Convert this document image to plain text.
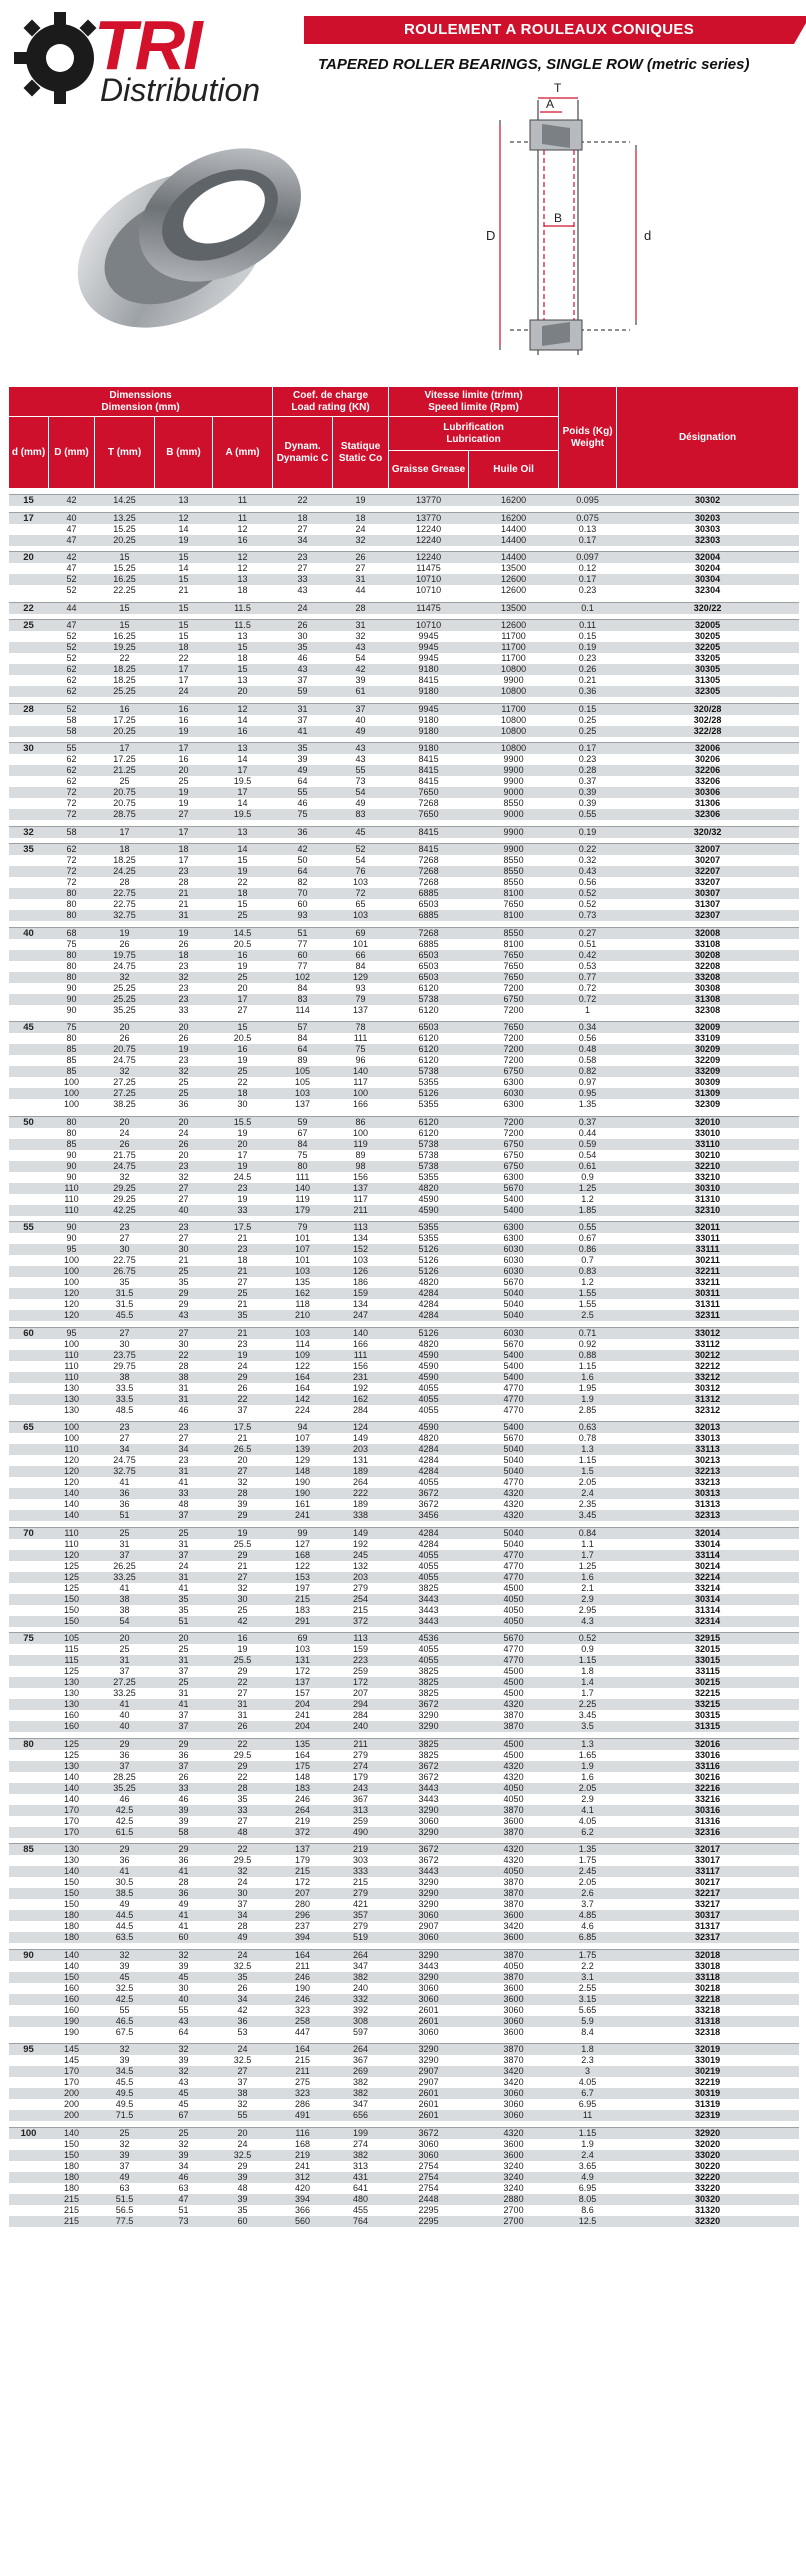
TRI
Distribution
ROULEMENT A ROULEAUX CONIQUES
TAPERED ROLLER BEARINGS, SINGLE ROW (metric series)
T
A
B
D	d
Dimenssions
Dimension (mm)					Coef. de charge
Load rating (KN)		Vitesse limite (tr/mn)
Speed limite (Rpm)		Poids (Kg) Weight	Désignation
d (mm)	D (mm)	T (mm)	B (mm)	A (mm)	Dynam.
Dynamic C	Statique
Static Co	Lubrification
Lubrication			
							Graisse Grease	Huile Oil		

15	42	14.25	13	11	22	19	13770	16200	0.095	30302

17	40	13.25	12	11	18	18	13770	16200	0.075	30203
	47	15.25	14	12	27	24	12240	14400	0.13	30303
	47	20.25	19	16	34	32	12240	14400	0.17	32303

20	42	15	15	12	23	26	12240	14400	0.097	32004
	47	15.25	14	12	27	27	11475	13500	0.12	30204
	52	16.25	15	13	33	31	10710	12600	0.17	30304
	52	22.25	21	18	43	44	10710	12600	0.23	32304

22	44	15	15	11.5	24	28	11475	13500	0.1	320/22

25	47	15	15	11.5	26	31	10710	12600	0.11	32005
	52	16.25	15	13	30	32	9945	11700	0.15	30205
	52	19.25	18	15	35	43	9945	11700	0.19	32205
	52	22	22	18	46	54	9945	11700	0.23	33205
	62	18.25	17	15	43	42	9180	10800	0.26	30305
	62	18.25	17	13	37	39	8415	9900	0.21	31305
	62	25.25	24	20	59	61	9180	10800	0.36	32305

28	52	16	16	12	31	37	9945	11700	0.15	320/28
	58	17.25	16	14	37	40	9180	10800	0.25	302/28
	58	20.25	19	16	41	49	9180	10800	0.25	322/28

30	55	17	17	13	35	43	9180	10800	0.17	32006
	62	17.25	16	14	39	43	8415	9900	0.23	30206
	62	21.25	20	17	49	55	8415	9900	0.28	32206
	62	25	25	19.5	64	73	8415	9900	0.37	33206
	72	20.75	19	17	55	54	7650	9000	0.39	30306
	72	20.75	19	14	46	49	7268	8550	0.39	31306
	72	28.75	27	19.5	75	83	7650	9000	0.55	32306

32	58	17	17	13	36	45	8415	9900	0.19	320/32

35	62	18	18	14	42	52	8415	9900	0.22	32007
	72	18.25	17	15	50	54	7268	8550	0.32	30207
	72	24.25	23	19	64	76	7268	8550	0.43	32207
	72	28	28	22	82	103	7268	8550	0.56	33207
	80	22.75	21	18	70	72	6885	8100	0.52	30307
	80	22.75	21	15	60	65	6503	7650	0.52	31307
	80	32.75	31	25	93	103	6885	8100	0.73	32307

40	68	19	19	14.5	51	69	7268	8550	0.27	32008
	75	26	26	20.5	77	101	6885	8100	0.51	33108
	80	19.75	18	16	60	66	6503	7650	0.42	30208
	80	24.75	23	19	77	84	6503	7650	0.53	32208
	80	32	32	25	102	129	6503	7650	0.77	33208
	90	25.25	23	20	84	93	6120	7200	0.72	30308
	90	25.25	23	17	83	79	5738	6750	0.72	31308
	90	35.25	33	27	114	137	6120	7200	1	32308

45	75	20	20	15	57	78	6503	7650	0.34	32009
	80	26	26	20.5	84	111	6120	7200	0.56	33109
	85	20.75	19	16	64	75	6120	7200	0.48	30209
	85	24.75	23	19	89	96	6120	7200	0.58	32209
	85	32	32	25	105	140	5738	6750	0.82	33209
	100	27.25	25	22	105	117	5355	6300	0.97	30309
	100	27.25	25	18	103	100	5126	6030	0.95	31309
	100	38.25	36	30	137	166	5355	6300	1.35	32309

50	80	20	20	15.5	59	86	6120	7200	0.37	32010
	80	24	24	19	67	100	6120	7200	0.44	33010
	85	26	26	20	84	119	5738	6750	0.59	33110
	90	21.75	20	17	75	89	5738	6750	0.54	30210
	90	24.75	23	19	80	98	5738	6750	0.61	32210
	90	32	32	24.5	111	156	5355	6300	0.9	33210
	110	29.25	27	23	140	137	4820	5670	1.25	30310
	110	29.25	27	19	119	117	4590	5400	1.2	31310
	110	42.25	40	33	179	211	4590	5400	1.85	32310

55	90	23	23	17.5	79	113	5355	6300	0.55	32011
	90	27	27	21	101	134	5355	6300	0.67	33011
	95	30	30	23	107	152	5126	6030	0.86	33111
	100	22.75	21	18	101	103	5126	6030	0.7	30211
	100	26.75	25	21	103	126	5126	6030	0.83	32211
	100	35	35	27	135	186	4820	5670	1.2	33211
	120	31.5	29	25	162	159	4284	5040	1.55	30311
	120	31.5	29	21	118	134	4284	5040	1.55	31311
	120	45.5	43	35	210	247	4284	5040	2.5	32311

60	95	27	27	21	103	140	5126	6030	0.71	33012
	100	30	30	23	114	166	4820	5670	0.92	33112
	110	23.75	22	19	109	111	4590	5400	0.88	30212
	110	29.75	28	24	122	156	4590	5400	1.15	32212
	110	38	38	29	164	231	4590	5400	1.6	33212
	130	33.5	31	26	164	192	4055	4770	1.95	30312
	130	33.5	31	22	142	162	4055	4770	1.9	31312
	130	48.5	46	37	224	284	4055	4770	2.85	32312

65	100	23	23	17.5	94	124	4590	5400	0.63	32013
	100	27	27	21	107	149	4820	5670	0.78	33013
	110	34	34	26.5	139	203	4284	5040	1.3	33113
	120	24.75	23	20	129	131	4284	5040	1.15	30213
	120	32.75	31	27	148	189	4284	5040	1.5	32213
	120	41	41	32	190	264	4055	4770	2.05	33213
	140	36	33	28	190	222	3672	4320	2.4	30313
	140	36	48	39	161	189	3672	4320	2.35	31313
	140	51	37	29	241	338	3456	4320	3.45	32313

70	110	25	25	19	99	149	4284	5040	0.84	32014
	110	31	31	25.5	127	192	4284	5040	1.1	33014
	120	37	37	29	168	245	4055	4770	1.7	33114
	125	26.25	24	21	122	132	4055	4770	1.25	30214
	125	33.25	31	27	153	203	4055	4770	1.6	32214
	125	41	41	32	197	279	3825	4500	2.1	33214
	150	38	35	30	215	254	3443	4050	2.9	30314
	150	38	35	25	183	215	3443	4050	2.95	31314
	150	54	51	42	291	372	3443	4050	4.3	32314

75	105	20	20	16	69	113	4536	5670	0.52	32915
	115	25	25	19	103	159	4055	4770	0.9	32015
	115	31	31	25.5	131	223	4055	4770	1.15	33015
	125	37	37	29	172	259	3825	4500	1.8	33115
	130	27.25	25	22	137	172	3825	4500	1.4	30215
	130	33.25	31	27	157	207	3825	4500	1.7	32215
	130	41	41	31	204	294	3672	4320	2.25	33215
	160	40	37	31	241	284	3290	3870	3.45	30315
	160	40	37	26	204	240	3290	3870	3.5	31315

80	125	29	29	22	135	211	3825	4500	1.3	32016
	125	36	36	29.5	164	279	3825	4500	1.65	33016
	130	37	37	29	175	274	3672	4320	1.9	33116
	140	28.25	26	22	148	179	3672	4320	1.6	30216
	140	35.25	33	28	183	243	3443	4050	2.05	32216
	140	46	46	35	246	367	3443	4050	2.9	33216
	170	42.5	39	33	264	313	3290	3870	4.1	30316
	170	42.5	39	27	219	259	3060	3600	4.05	31316
	170	61.5	58	48	372	490	3290	3870	6.2	32316

85	130	29	29	22	137	219	3672	4320	1.35	32017
	130	36	36	29.5	179	303	3672	4320	1.75	33017
	140	41	41	32	215	333	3443	4050	2.45	33117
	150	30.5	28	24	172	215	3290	3870	2.05	30217
	150	38.5	36	30	207	279	3290	3870	2.6	32217
	150	49	49	37	280	421	3290	3870	3.7	33217
	180	44.5	41	34	296	357	3060	3600	4.85	30317
	180	44.5	41	28	237	279	2907	3420	4.6	31317
	180	63.5	60	49	394	519	3060	3600	6.85	32317

90	140	32	32	24	164	264	3290	3870	1.75	32018
	140	39	39	32.5	211	347	3443	4050	2.2	33018
	150	45	45	35	246	382	3290	3870	3.1	33118
	160	32.5	30	26	190	240	3060	3600	2.55	30218
	160	42.5	40	34	246	332	3060	3600	3.15	32218
	160	55	55	42	323	392	2601	3060	5.65	33218
	190	46.5	43	36	258	308	2601	3060	5.9	31318
	190	67.5	64	53	447	597	3060	3600	8.4	32318

95	145	32	32	24	164	264	3290	3870	1.8	32019
	145	39	39	32.5	215	367	3290	3870	2.3	33019
	170	34.5	32	27	211	269	2907	3420	3	30219
	170	45.5	43	37	275	382	2907	3420	4.05	32219
	200	49.5	45	38	323	382	2601	3060	6.7	30319
	200	49.5	45	32	286	347	2601	3060	6.95	31319
	200	71.5	67	55	491	656	2601	3060	11	32319

100	140	25	25	20	116	199	3672	4320	1.15	32920
	150	32	32	24	168	274	3060	3600	1.9	32020
	150	39	39	32.5	219	382	3060	3600	2.4	33020
	180	37	34	29	241	313	2754	3240	3.65	30220
	180	49	46	39	312	431	2754	3240	4.9	32220
	180	63	63	48	420	641	2754	3240	6.95	33220
	215	51.5	47	39	394	480	2448	2880	8.05	30320
	215	56.5	51	35	366	455	2295	2700	8.6	31320
	215	77.5	73	60	560	764	2295	2700	12.5	32320
